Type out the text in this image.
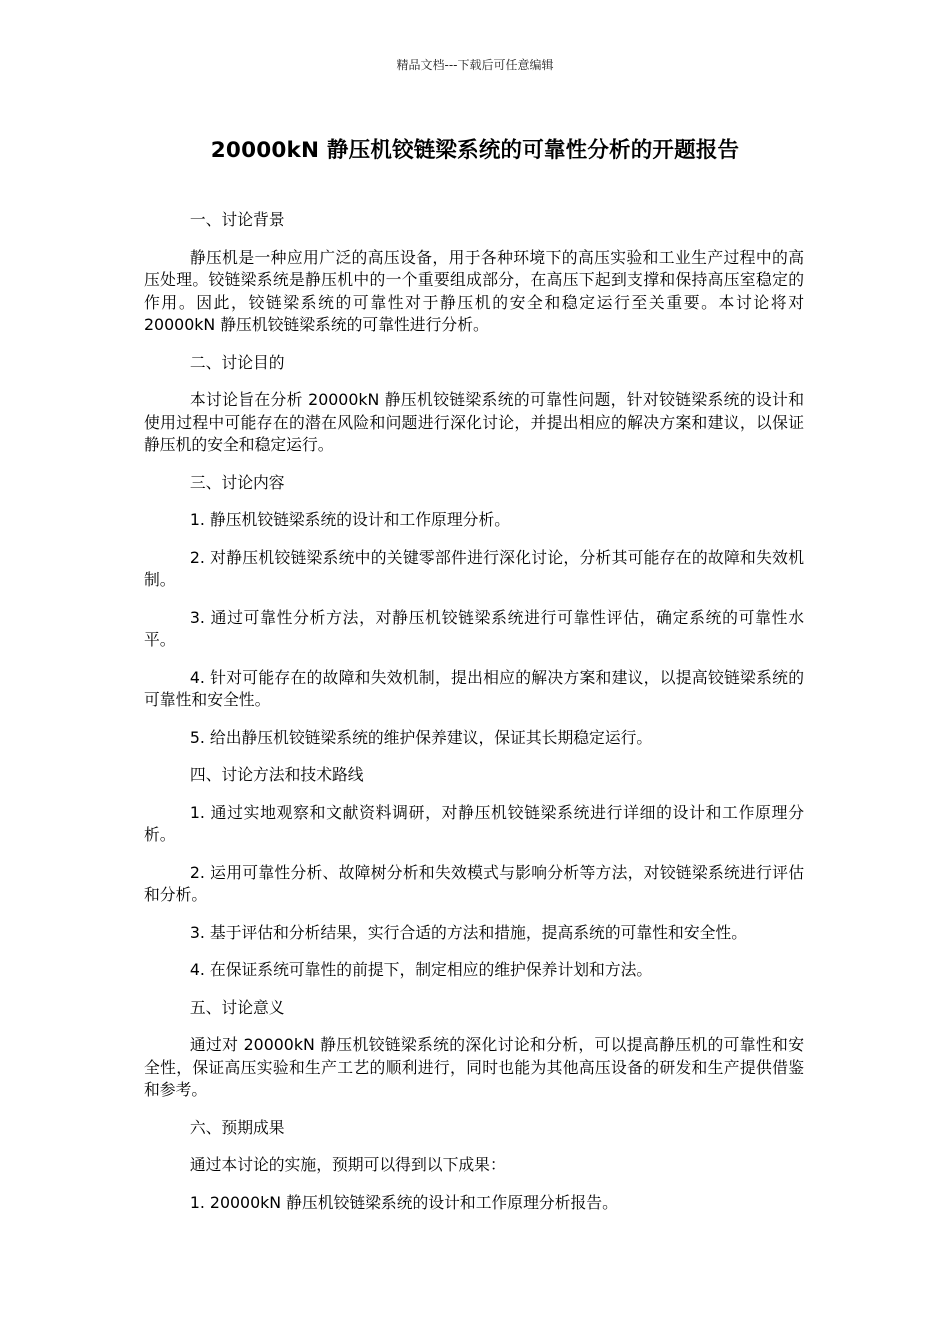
精品文档---下载后可任意编辑
20000kN 静压机铰链梁系统的可靠性分析的开题报告

一、讨论背景

静压机是一种应用广泛的高压设备，用于各种环境下的高压实验和工业生产过程中的高压处理。铰链梁系统是静压机中的一个重要组成部分，在高压下起到支撑和保持高压室稳定的作用。因此，铰链梁系统的可靠性对于静压机的安全和稳定运行至关重要。本讨论将对 20000kN 静压机铰链梁系统的可靠性进行分析。

二、讨论目的

本讨论旨在分析 20000kN 静压机铰链梁系统的可靠性问题，针对铰链梁系统的设计和使用过程中可能存在的潜在风险和问题进行深化讨论，并提出相应的解决方案和建议，以保证静压机的安全和稳定运行。

三、讨论内容

1. 静压机铰链梁系统的设计和工作原理分析。

2. 对静压机铰链梁系统中的关键零部件进行深化讨论，分析其可能存在的故障和失效机制。

3. 通过可靠性分析方法，对静压机铰链梁系统进行可靠性评估，确定系统的可靠性水平。

4. 针对可能存在的故障和失效机制，提出相应的解决方案和建议，以提高铰链梁系统的可靠性和安全性。

5. 给出静压机铰链梁系统的维护保养建议，保证其长期稳定运行。

四、讨论方法和技术路线

1. 通过实地观察和文献资料调研，对静压机铰链梁系统进行详细的设计和工作原理分析。

2. 运用可靠性分析、故障树分析和失效模式与影响分析等方法，对铰链梁系统进行评估和分析。

3. 基于评估和分析结果，实行合适的方法和措施，提高系统的可靠性和安全性。

4. 在保证系统可靠性的前提下，制定相应的维护保养计划和方法。

五、讨论意义

通过对 20000kN 静压机铰链梁系统的深化讨论和分析，可以提高静压机的可靠性和安全性，保证高压实验和生产工艺的顺利进行，同时也能为其他高压设备的研发和生产提供借鉴和参考。

六、预期成果

通过本讨论的实施，预期可以得到以下成果：

1. 20000kN 静压机铰链梁系统的设计和工作原理分析报告。
